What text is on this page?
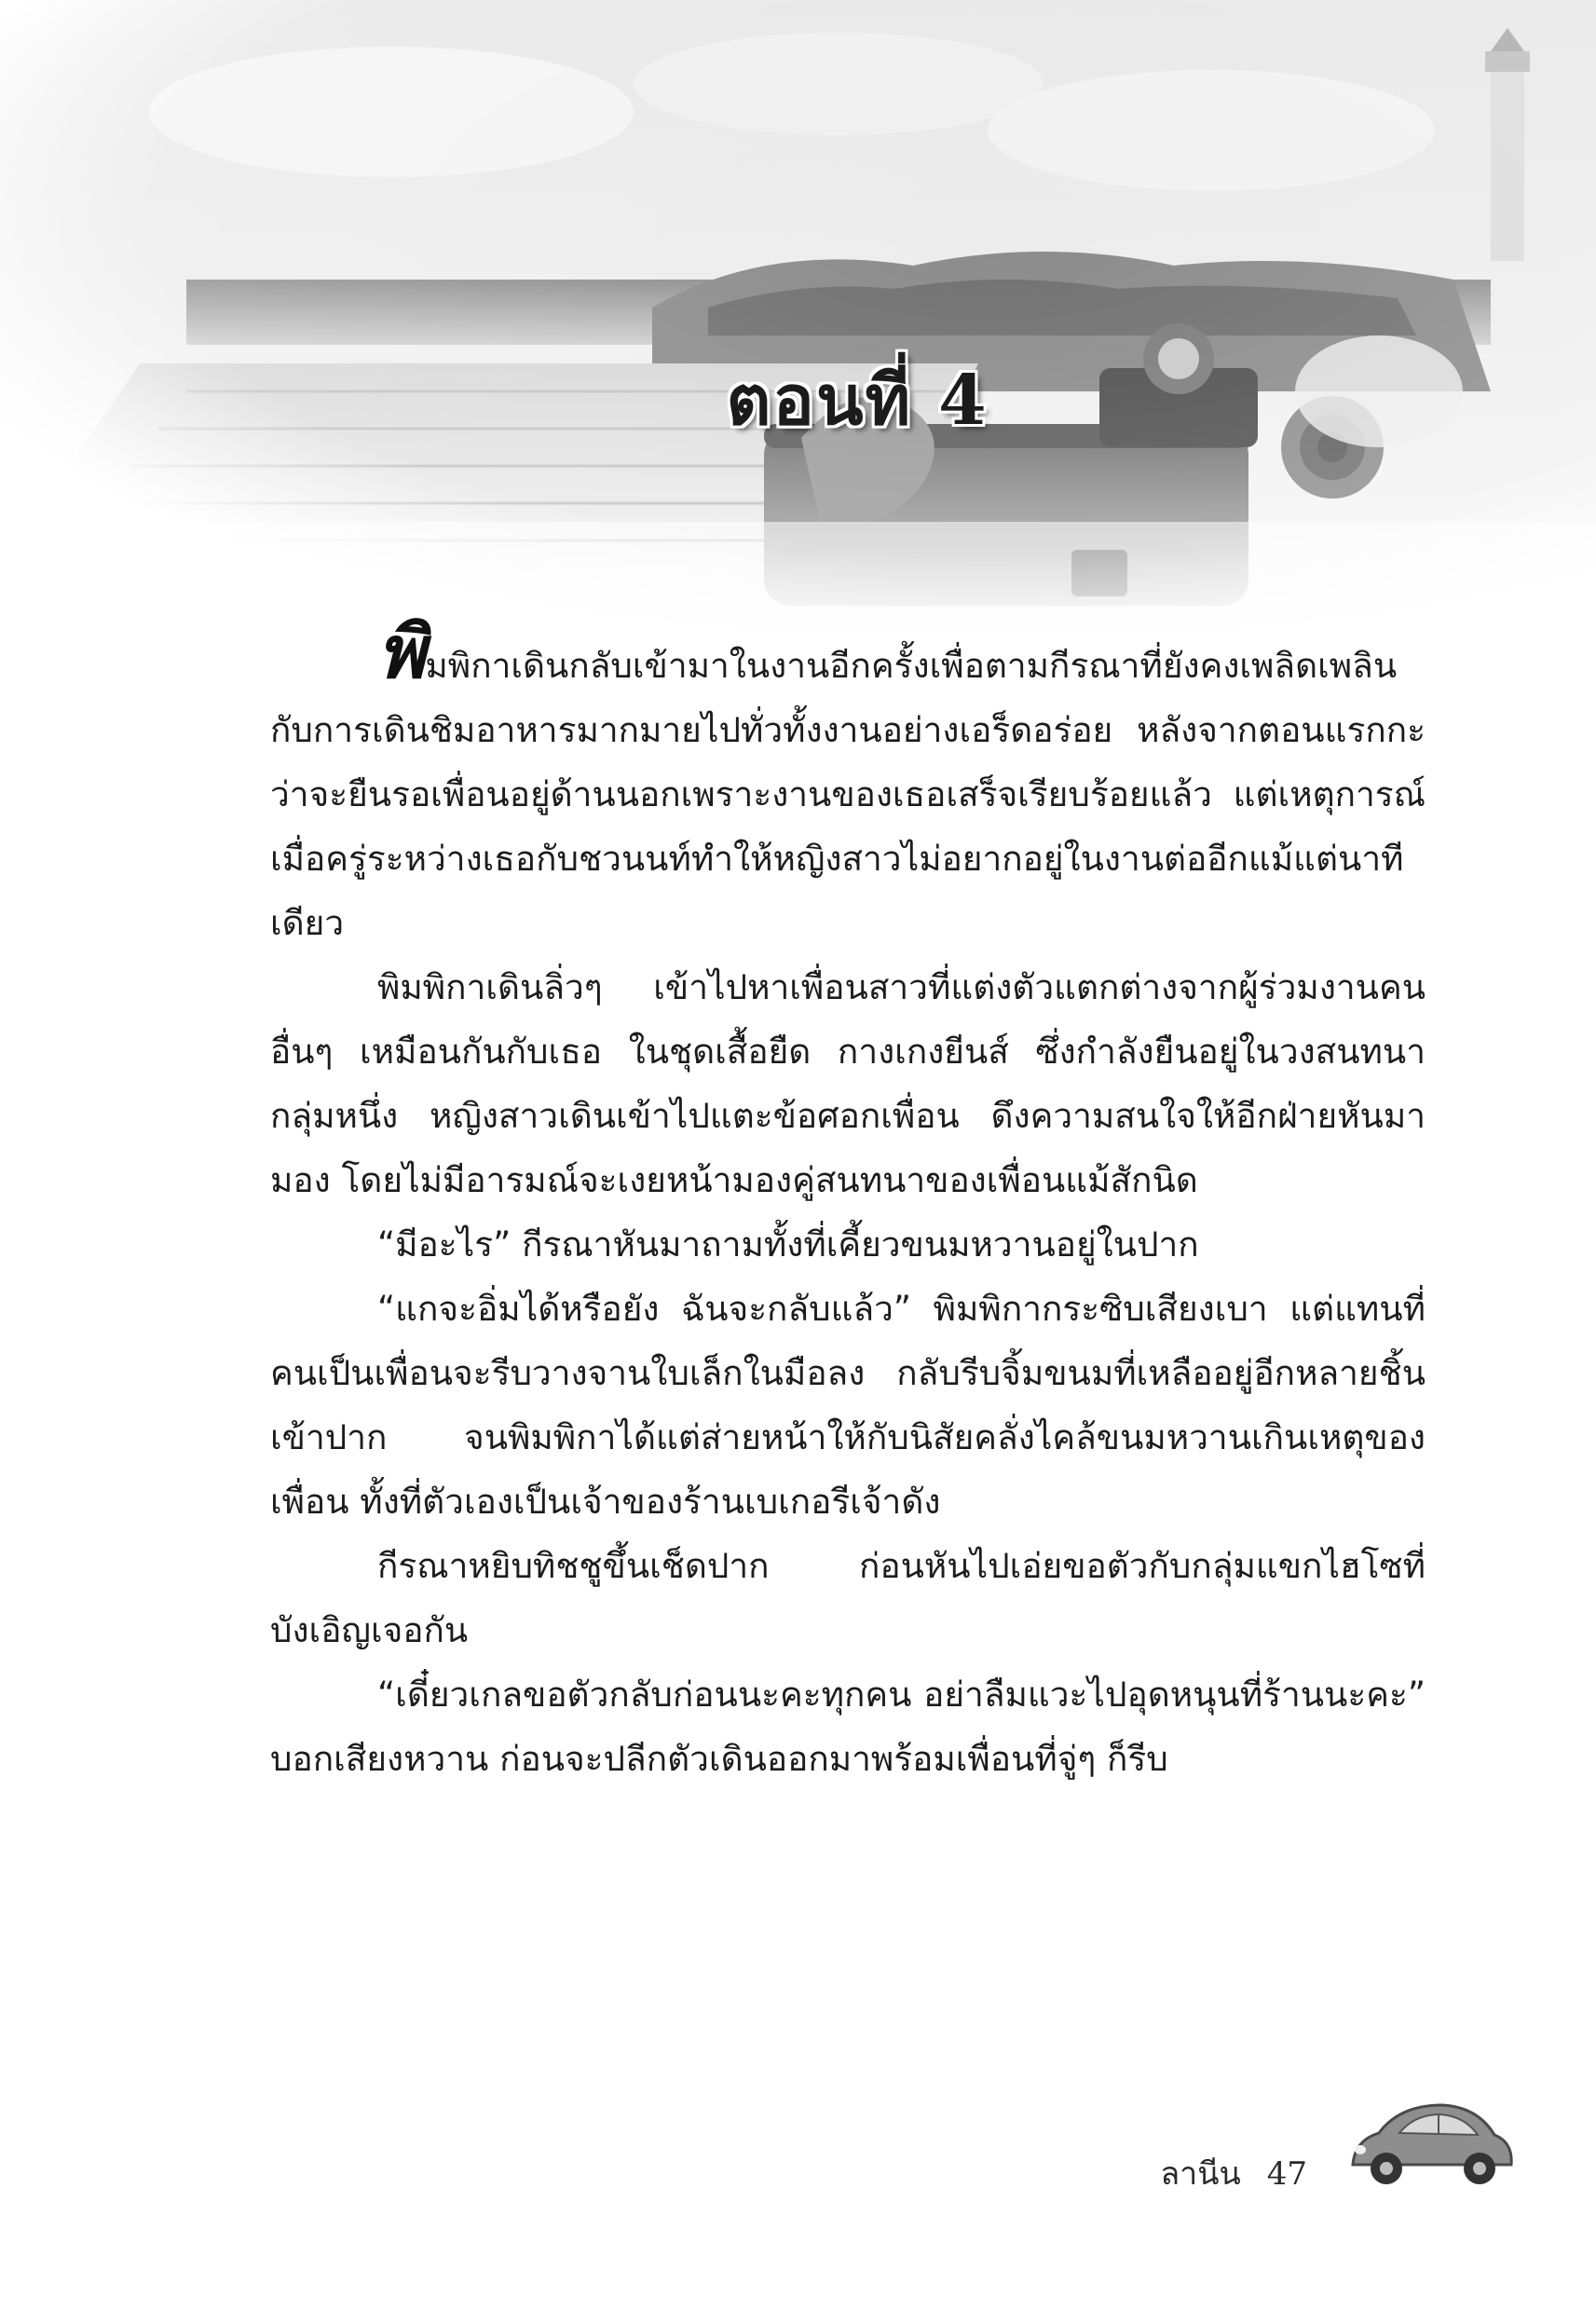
ตอนที่ 4

พิมพิกาเดินกลับเข้ามาในงานอีกครั้งเพื่อตามกีรณาที่ยังคงเพลิดเพลินกับการเดินชิมอาหารมากมายไปทั่วทั้งงานอย่างเอร็ดอร่อย หลังจากตอนแรกกะว่าจะยืนรอเพื่อนอยู่ด้านนอกเพราะงานของเธอเสร็จเรียบร้อยแล้ว แต่เหตุการณ์เมื่อครู่ระหว่างเธอกับชวนนท์ทำให้หญิงสาวไม่อยากอยู่ในงานต่ออีกแม้แต่นาทีเดียว

พิมพิกาเดินลิ่วๆ เข้าไปหาเพื่อนสาวที่แต่งตัวแตกต่างจากผู้ร่วมงานคนอื่นๆ เหมือนกันกับเธอ ในชุดเสื้อยืด กางเกงยีนส์ ซึ่งกำลังยืนอยู่ในวงสนทนากลุ่มหนึ่ง หญิงสาวเดินเข้าไปแตะข้อศอกเพื่อน ดึงความสนใจให้อีกฝ่ายหันมามอง โดยไม่มีอารมณ์จะเงยหน้ามองคู่สนทนาของเพื่อนแม้สักนิด

“มีอะไร” กีรณาหันมาถามทั้งที่เคี้ยวขนมหวานอยู่ในปาก

“แกจะอิ่มได้หรือยัง ฉันจะกลับแล้ว” พิมพิกากระซิบเสียงเบา แต่แทนที่คนเป็นเพื่อนจะรีบวางจานใบเล็กในมือลง กลับรีบจิ้มขนมที่เหลืออยู่อีกหลายชิ้นเข้าปาก จนพิมพิกาได้แต่ส่ายหน้าให้กับนิสัยคลั่งไคล้ขนมหวานเกินเหตุของเพื่อน ทั้งที่ตัวเองเป็นเจ้าของร้านเบเกอรีเจ้าดัง

กีรณาหยิบทิชชูขึ้นเช็ดปาก ก่อนหันไปเอ่ยขอตัวกับกลุ่มแขกไฮโซที่บังเอิญเจอกัน

“เดี๋ยวเกลขอตัวกลับก่อนนะคะทุกคน อย่าลืมแวะไปอุดหนุนที่ร้านนะคะ” บอกเสียงหวาน ก่อนจะปลีกตัวเดินออกมาพร้อมเพื่อนที่จู่ๆ ก็รีบ

ลานีน 47
